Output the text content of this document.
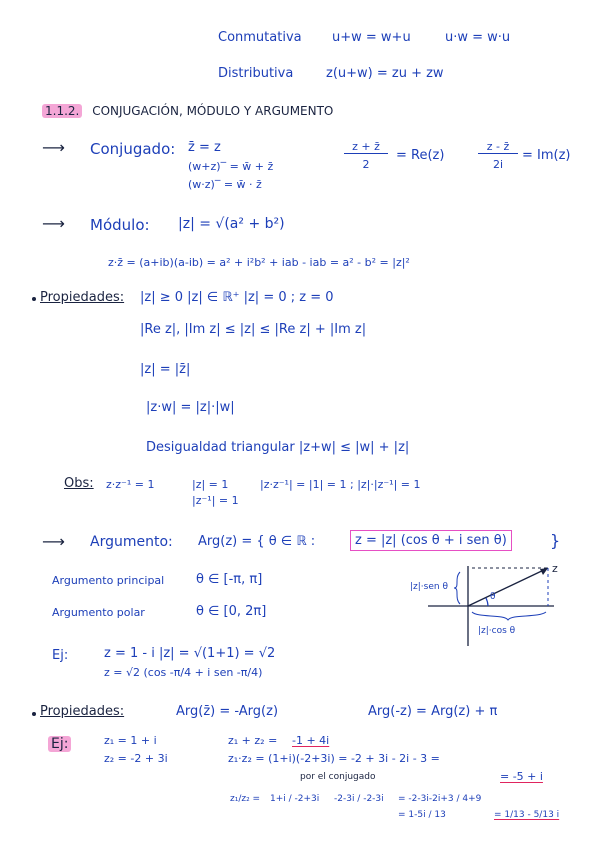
Conmutativa u+w = w+u	u·w = w·u
Distributiva	z(u+w) = zu + zw
1.1.2. CONJUGACIÓN, MÓDULO Y ARGUMENTO
⟶ Conjugado: z̄̄ = z
(w+z)‾ = w̄ + z̄
(w·z)‾ = w̄ · z̄
z + z̄
2
= Re(z)
z - z̄
2i
= Im(z)
⟶ Módulo: |z| = √(a² + b²)
z·z̄ = (a+ib)(a-ib) = a² + i²b² + iab - iab = a² - b² = |z|²
Propiedades: |z| ≥ 0 |z| ∈ ℝ⁺ |z| = 0 ; z = 0
|Re z|, |Im z| ≤ |z| ≤ |Re z| + |Im z|
|z| = |z̄|
|z·w| = |z|·|w|
Desigualdad triangular |z+w| ≤ |w| + |z|
Obs: z·z⁻¹ = 1	|z| = 1
|z⁻¹| = 1
|z·z⁻¹| = |1| = 1 ; |z|·|z⁻¹| = 1
⟶ Argumento: Arg(z) = { θ ∈ ℝ :	z = |z| (cos θ + i sen θ)	}
Argumento principal θ ∈ [-π, π]
Argumento polar	θ ∈ [0, 2π]
|z|·sen θ
|z|·cos θ
z
θ
Ej:	z = 1 - i |z| = √(1+1) = √2
z = √2 (cos -π/4 + i sen -π/4)
Propiedades:	Arg(z̄) = -Arg(z)	Arg(-z) = Arg(z) + π
Ej:	z₁ = 1 + i
z₂ = -2 + 3i
z₁ + z₂ = -1 + 4i
z₁·z₂ = (1+i)(-2+3i) = -2 + 3i - 2i - 3 =
= -5 + i
por el conjugado
z₁/z₂ = 1+i / -2+3i -2-3i / -2-3i = -2-3i-2i+3 / 4+9
= 1-5i / 13	= 1/13 - 5/13 i
